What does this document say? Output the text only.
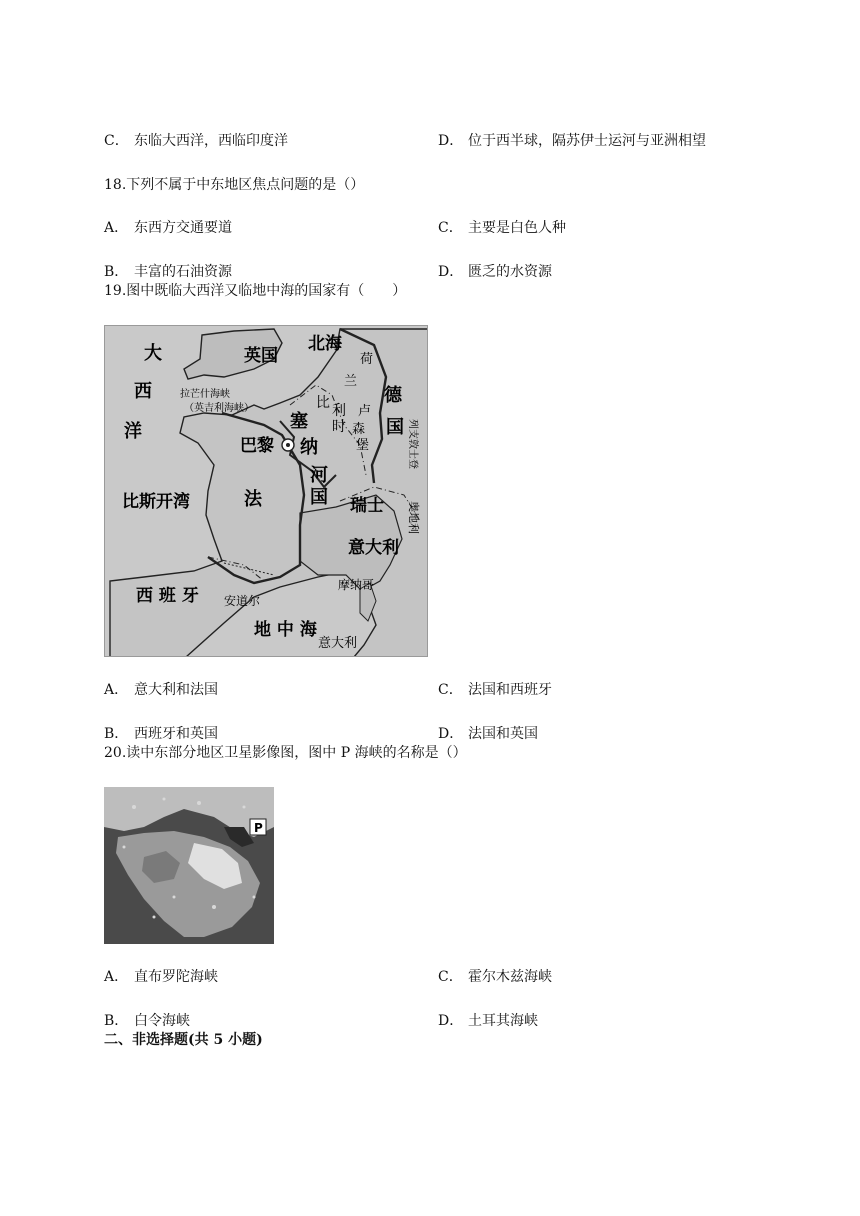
C． 东临大西洋，西临印度洋	D． 位于西半球，隔苏伊士运河与亚洲相望
18.下列不属于中东地区焦点问题的是（）
A． 东西方交通要道	C． 主要是白色人种
B． 丰富的石油资源	D． 匮乏的水资源
19.图中既临大西洋又临地中海的国家有（　　）
大
西
洋
英国
北海
荷
兰
拉芒什海峡
（英吉利海峡）	比 利
时
卢
森
堡
德
国
塞
纳
河
巴黎
比斯开湾	法	国 瑞士
列支敦士登
奥地利
意大利
西 班 牙 安道尔
摩纳哥
地 中 海
意大利
A． 意大利和法国	C． 法国和西班牙
B． 西班牙和英国	D． 法国和英国
20.读中东部分地区卫星影像图，图中 P 海峡的名称是（）
P
A． 直布罗陀海峡	C． 霍尔木兹海峡
B． 白令海峡	D． 土耳其海峡
二、非选择题(共 5 小题)
